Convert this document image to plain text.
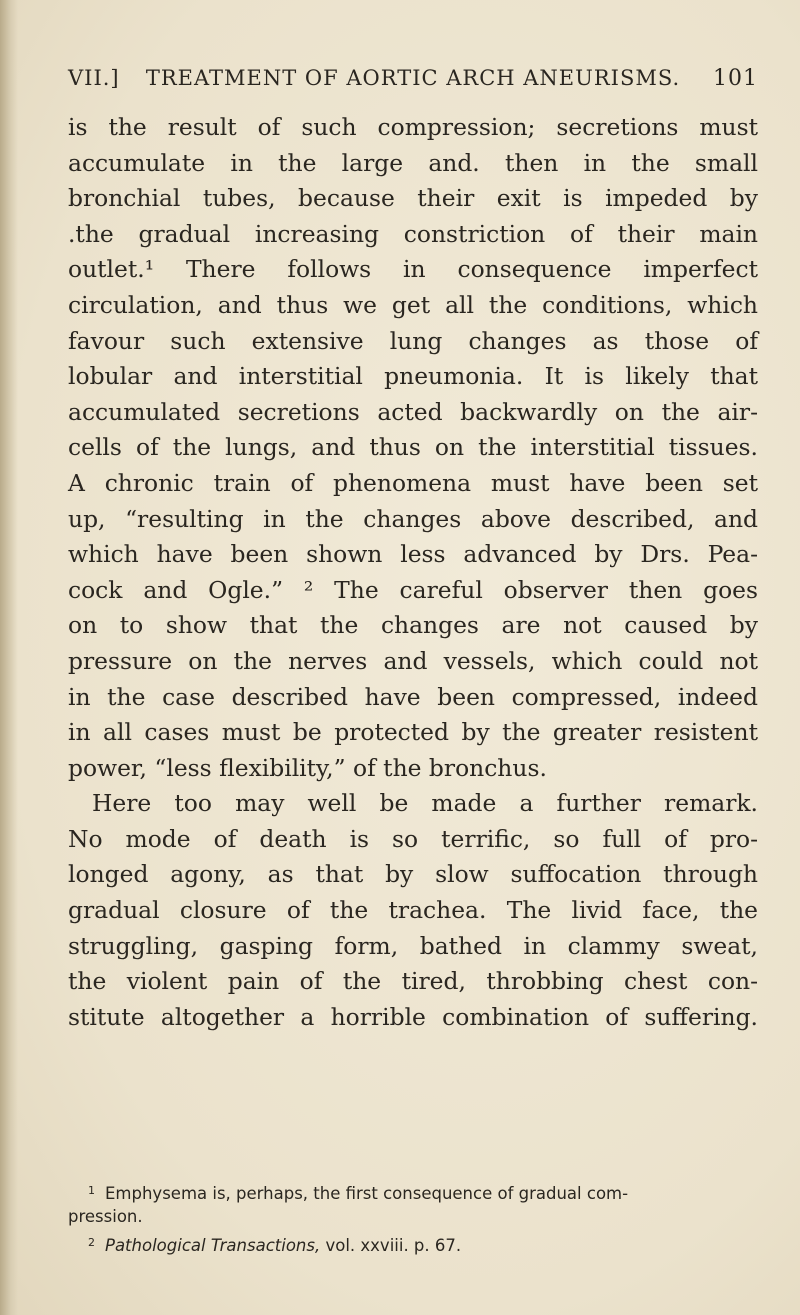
VII.]	TREATMENT OF AORTIC ARCH ANEURISMS.	101
is the result of such compression; secretions must
accumulate in the large and. then in the small
bronchial tubes, because their exit is impeded by
.the gradual increasing constriction of their main
outlet.¹ There follows in consequence imperfect
circulation, and thus we get all the conditions, which
favour such extensive lung changes as those of
lobular and interstitial pneumonia. It is likely that
accumulated secretions acted backwardly on the air-
cells of the lungs, and thus on the interstitial tissues.
A chronic train of phenomena must have been set
up, “resulting in the changes above described, and
which have been shown less advanced by Drs. Pea-
cock and Ogle.” ² The careful observer then goes
on to show that the changes are not caused by
pressure on the nerves and vessels, which could not
in the case described have been compressed, indeed
in all cases must be protected by the greater resistent
power, “less flexibility,” of the bronchus.
Here too may well be made a further remark.
No mode of death is so terrific, so full of pro-
longed agony, as that by slow suffocation through
gradual closure of the trachea. The livid face, the
struggling, gasping form, bathed in clammy sweat,
the violent pain of the tired, throbbing chest con-
stitute altogether a horrible combination of suffering.
$^1$ Emphysema is, perhaps, the first consequence of gradual com-
pression.
$^2$ Pathological Transactions, vol. xxviii. p. 67.
